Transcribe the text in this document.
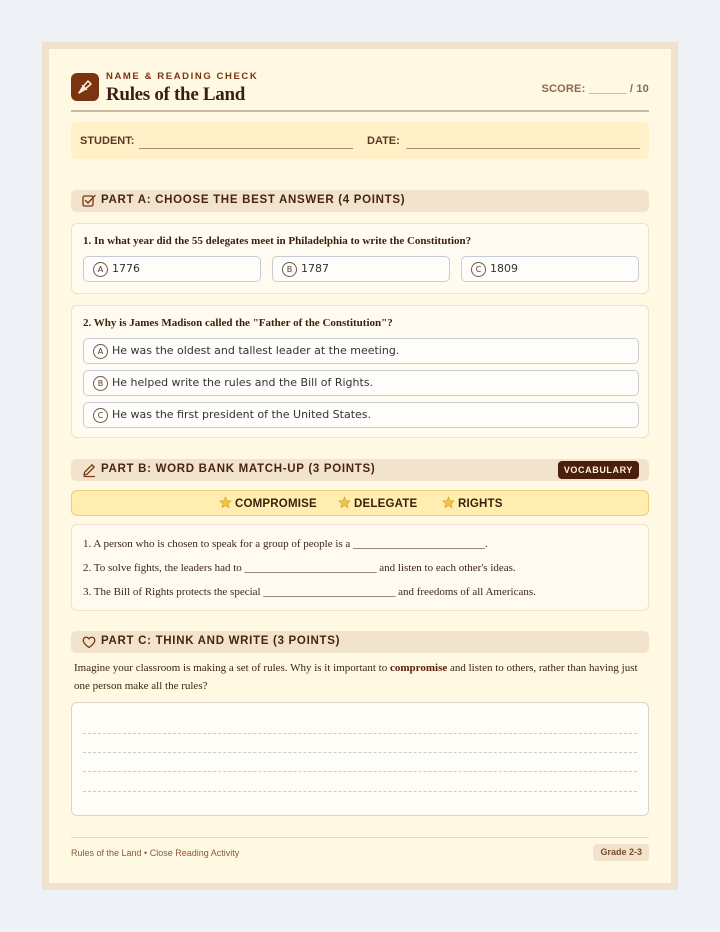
NAME & READING CHECK
Rules of the Land	SCORE: ______ / 10
STUDENT:	DATE:
PART A: CHOOSE THE BEST ANSWER (4 POINTS)
1. In what year did the 55 delegates meet in Philadelphia to write the Constitution?
A 1776	B 1787	C 1809
2. Why is James Madison called the "Father of the Constitution"?
A He was the oldest and tallest leader at the meeting.
B He helped write the rules and the Bill of Rights.
C He was the first president of the United States.
PART B: WORD BANK MATCH-UP (3 POINTS)	VOCABULARY
COMPROMISE	DELEGATE	RIGHTS
1. A person who is chosen to speak for a group of people is a ________________________.
2. To solve fights, the leaders had to ________________________ and listen to each other's ideas.
3. The Bill of Rights protects the special ________________________ and freedoms of all Americans.
PART C: THINK AND WRITE (3 POINTS)
Imagine your classroom is making a set of rules. Why is it important to compromise and listen to others, rather than having just one person make all the rules?
Rules of the Land • Close Reading Activity	Grade 2-3
